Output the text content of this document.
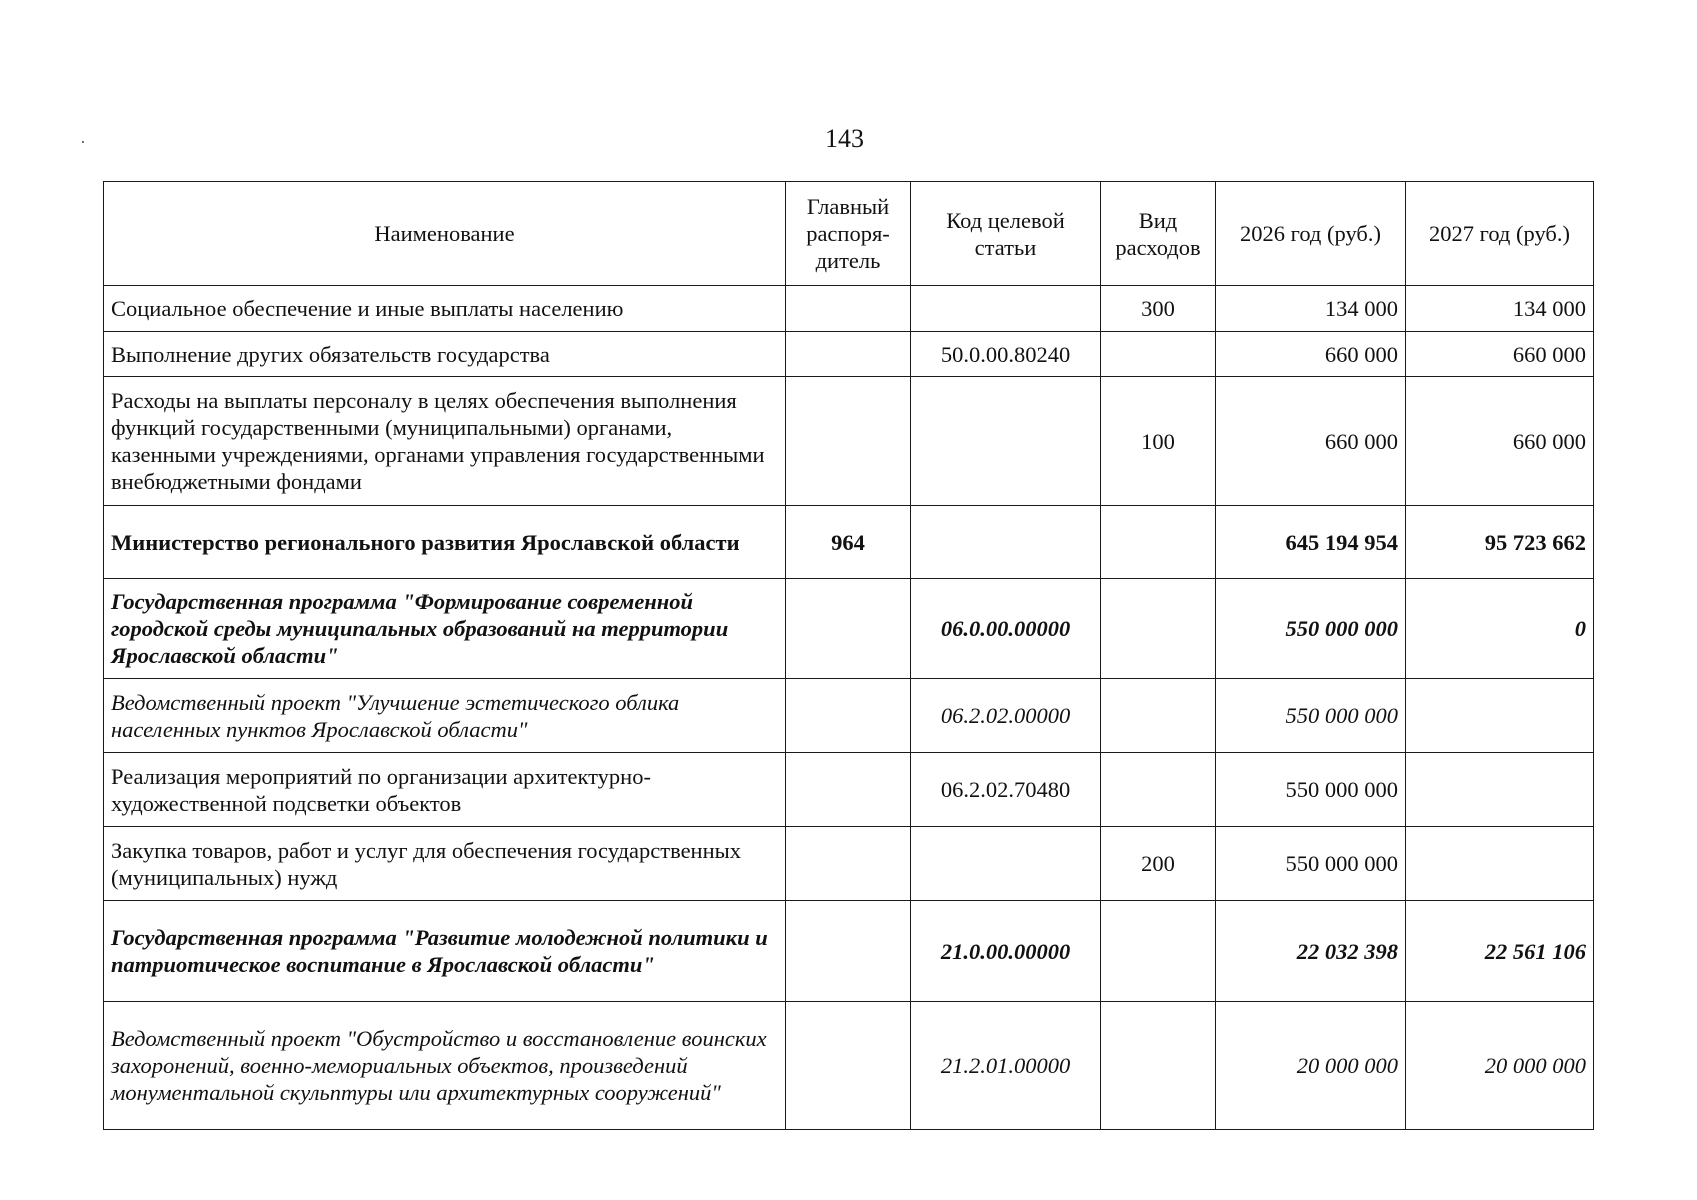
143
Наименование	Главный распоря-дитель	Код целевой статьи	Вид расходов	2026 год (руб.)	2027 год (руб.)
Социальное обеспечение и иные выплаты населению			300	134 000	134 000
Выполнение других обязательств государства		50.0.00.80240		660 000	660 000
Расходы на выплаты персоналу в целях обеспечения выполнения функций государственными (муниципальными) органами, казенными учреждениями, органами управления государственными внебюджетными фондами			100	660 000	660 000
Министерство регионального развития Ярославской области	964			645 194 954	95 723 662
Государственная программа "Формирование современной городской среды муниципальных образований на территории Ярославской области"		06.0.00.00000		550 000 000	0
Ведомственный проект "Улучшение эстетического облика населенных пунктов Ярославской области"		06.2.02.00000		550 000 000	
Реализация мероприятий по организации архитектурно-художественной подсветки объектов		06.2.02.70480		550 000 000	
Закупка товаров, работ и услуг для обеспечения государственных (муниципальных) нужд			200	550 000 000	
Государственная программа "Развитие молодежной политики и патриотическое воспитание в Ярославской области"		21.0.00.00000		22 032 398	22 561 106
Ведомственный проект "Обустройство и восстановление воинских захоронений, военно-мемориальных объектов, произведений монументальной скульптуры или архитектурных сооружений"		21.2.01.00000		20 000 000	20 000 000
